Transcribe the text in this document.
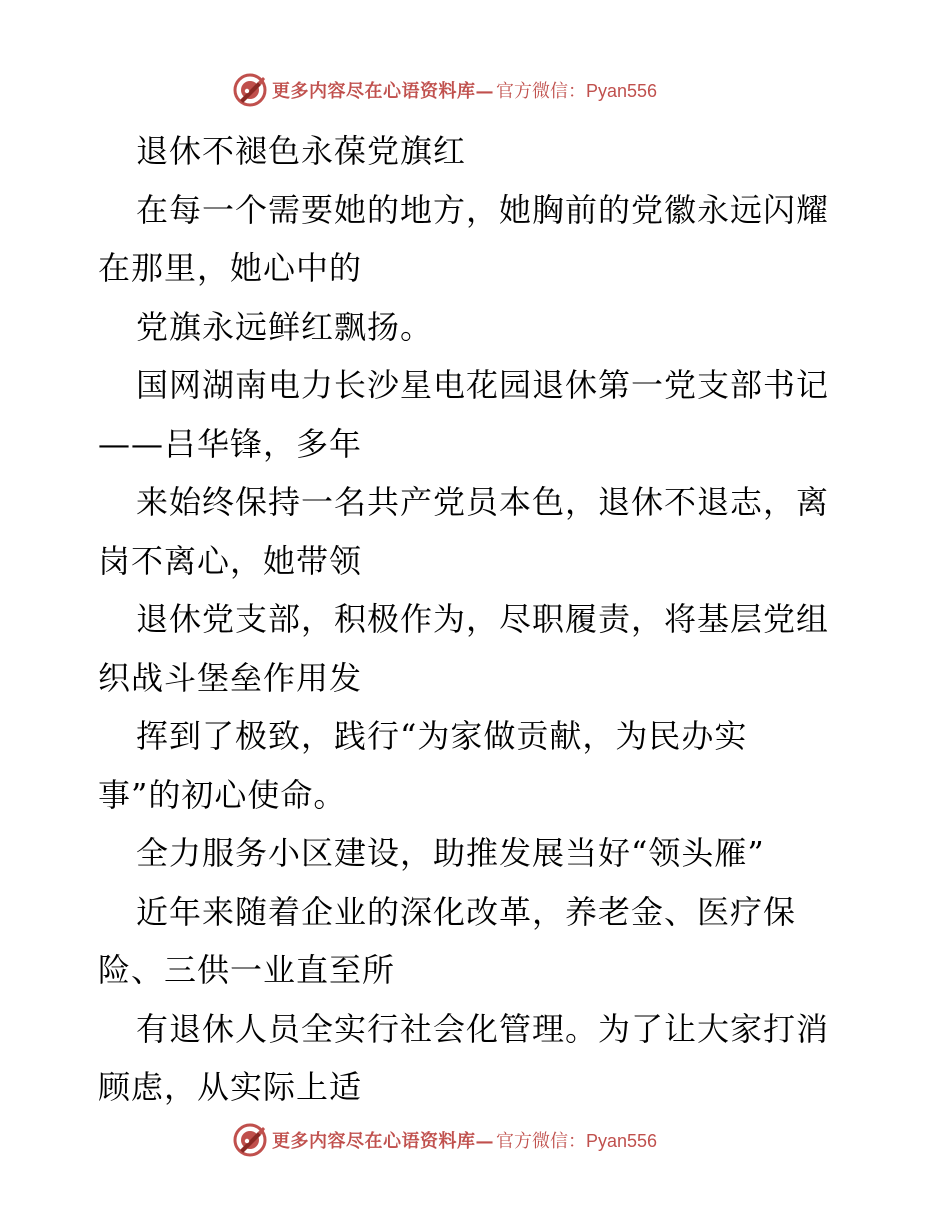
更多内容尽在心语资料库— 官方微信：Pyan556
退休不褪色永葆党旗红
在每一个需要她的地方，她胸前的党徽永远闪耀
在那里，她心中的
党旗永远鲜红飘扬。
国网湖南电力长沙星电花园退休第一党支部书记
——吕华锋，多年
来始终保持一名共产党员本色，退休不退志，离
岗不离心，她带领
退休党支部，积极作为，尽职履责，将基层党组
织战斗堡垒作用发
挥到了极致，践行“为家做贡献，为民办实
事”的初心使命。
全力服务小区建设，助推发展当好“领头雁”
近年来随着企业的深化改革，养老金、医疗保
险、三供一业直至所
有退休人员全实行社会化管理。为了让大家打消
顾虑，从实际上适
更多内容尽在心语资料库— 官方微信：Pyan556
